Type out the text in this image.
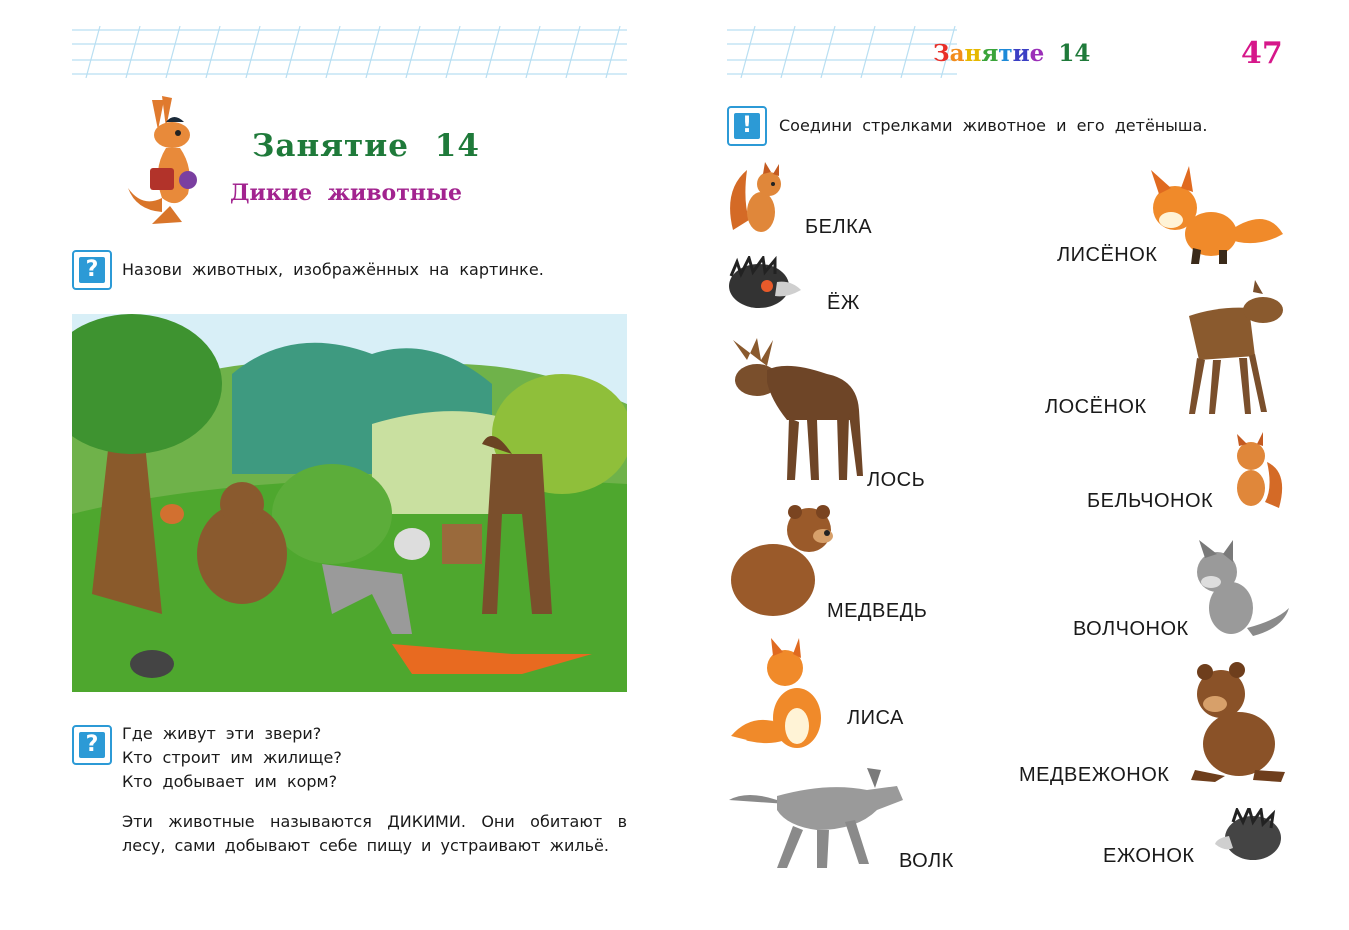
Занятие 14
Дикие животные
?	Назови животных, изображённых на картинке.
?	Где живут эти звери?
Кто строит им жилище?
Кто добывает им корм?
Эти животные называются ДИКИМИ. Они обитают в лесу, сами добывают себе пищу и устраивают жильё.
Занятие 14	47
!	Соедини стрелками животное и его детёныша.
БЕЛКА
ЁЖ
ЛОСЬ
МЕДВЕДЬ
ЛИСА
ВОЛК
ЛИСЁНОК
ЛОСЁНОК
БЕЛЬЧОНОК
ВОЛЧОНОК
МЕДВЕЖОНОК
ЕЖОНОК
